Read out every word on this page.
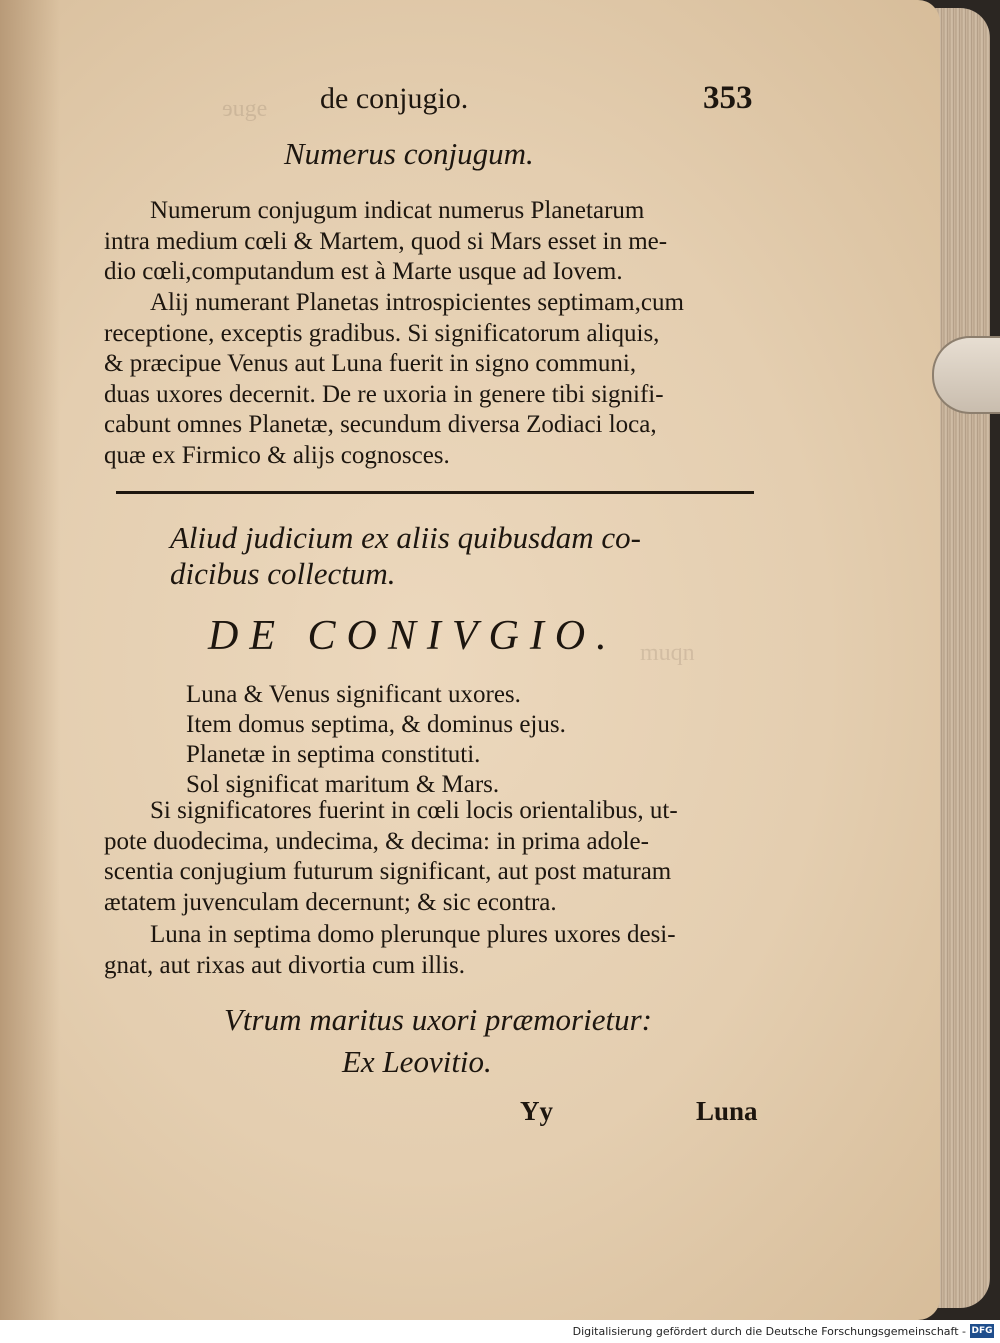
ɘuge
muqn
de conjugio.	353
Numerus conjugum.

Numerum conjugum indicat numerus Planetarum

intra medium cœli & Martem, quod si Mars esset in me-

dio cœli,computandum est à Marte usque ad Iovem.

Alij numerant Planetas introspicientes septimam,cum

receptione, exceptis gradibus. Si significatorum aliquis,

& præcipue Venus aut Luna fuerit in signo communi,

duas uxores decernit. De re uxoria in genere tibi signifi-

cabunt omnes Planetæ, secundum diversa Zodiaci loca,

quæ ex Firmico & alijs cognosces.

Aliud judicium ex aliis quibusdam co- dicibus collectum.
DE CONIVGIO.

Luna & Venus significant uxores.

Item domus septima, & dominus ejus.

Planetæ in septima constituti.

Sol significat maritum & Mars.

Si significatores fuerint in cœli locis orientalibus, ut-

pote duodecima, undecima, & decima: in prima adole-

scentia conjugium futurum significant, aut post maturam

ætatem juvenculam decernunt; & sic econtra.

Luna in septima domo plerunque plures uxores desi-

gnat, aut rixas aut divortia cum illis.

Vtrum maritus uxori præmorietur:
Ex Leovitio.
Yy	Luna
Digitalisierung gefördert durch die Deutsche Forschungsgemeinschaft - DFG
